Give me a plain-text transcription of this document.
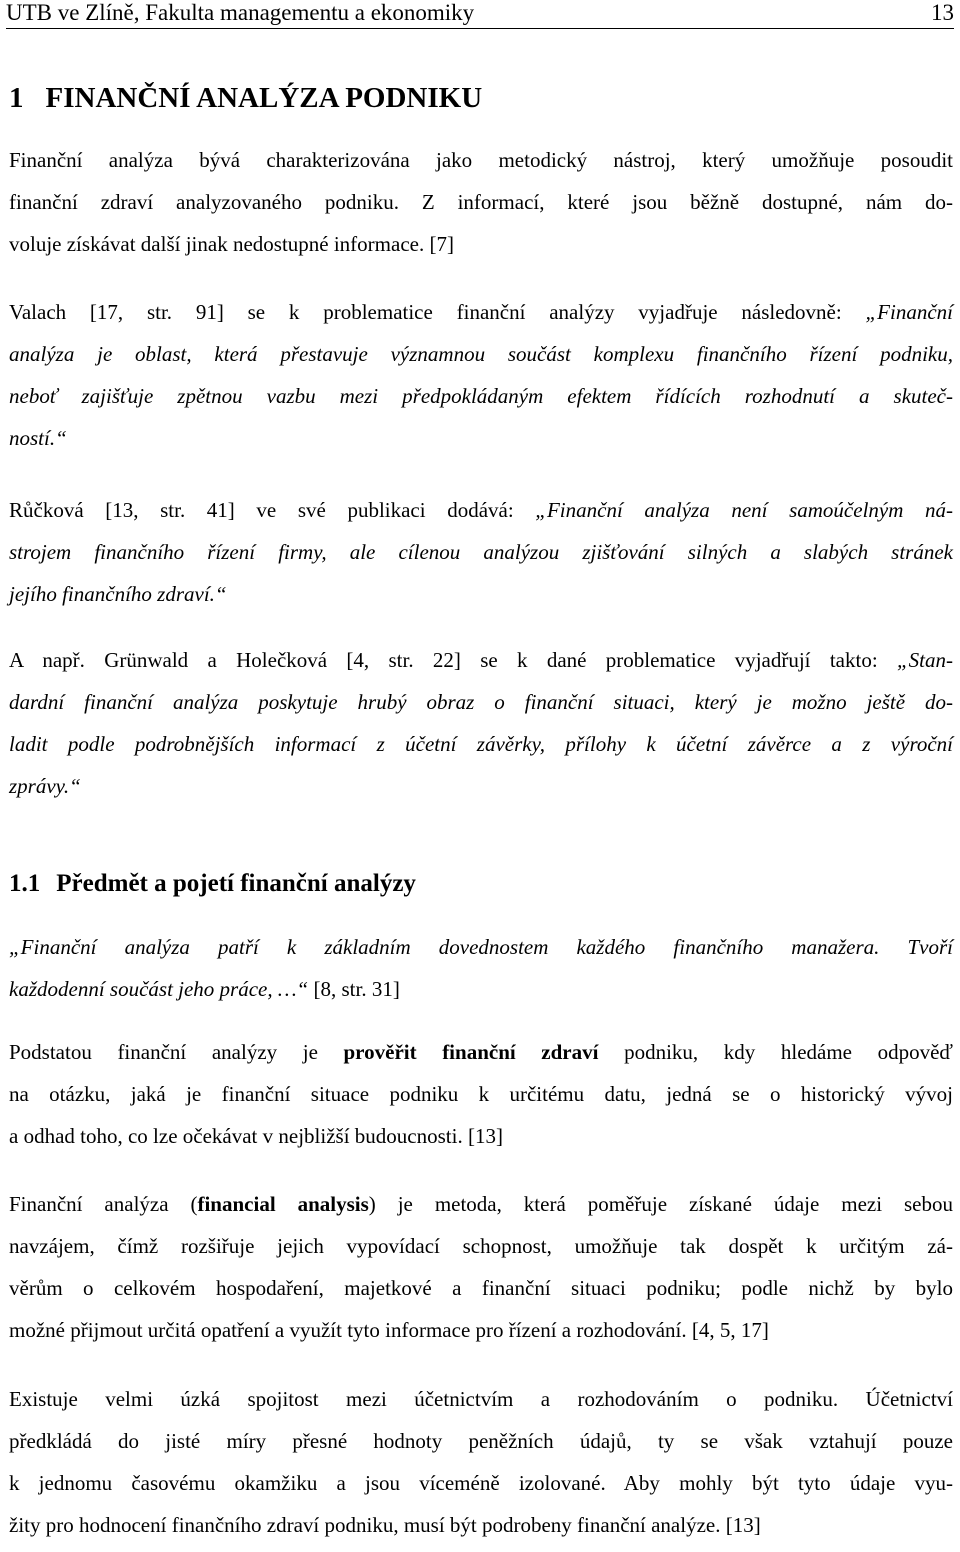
UTB ve Zlíně, Fakulta managementu a ekonomiky	13
1 FINANČNÍ ANALÝZA PODNIKU
Finanční analýza bývá charakterizována jako metodický nástroj, který umožňuje posoudit
finanční zdraví analyzovaného podniku. Z informací, které jsou běžně dostupné, nám do-
voluje získávat další jinak nedostupné informace. [7]
Valach [17, str. 91] se k problematice finanční analýzy vyjadřuje následovně: „Finanční
analýza je oblast, která přestavuje významnou součást komplexu finančního řízení podniku,
neboť zajišťuje zpětnou vazbu mezi předpokládaným efektem řídících rozhodnutí a skuteč-
ností.“
Růčková [13, str. 41] ve své publikaci dodává: „Finanční analýza není samoúčelným ná-
strojem finančního řízení firmy, ale cílenou analýzou zjišťování silných a slabých stránek
jejího finančního zdraví.“
A např. Grünwald a Holečková [4, str. 22] se k dané problematice vyjadřují takto: „Stan-
dardní finanční analýza poskytuje hrubý obraz o finanční situaci, který je možno ještě do-
ladit podle podrobnějších informací z účetní závěrky, přílohy k účetní závěrce a z výroční
zprávy.“
1.1 Předmět a pojetí finanční analýzy
„Finanční analýza patří k základním dovednostem každého finančního manažera. Tvoří
každodenní součást jeho práce, …“ [8, str. 31]
Podstatou finanční analýzy je prověřit finanční zdraví podniku, kdy hledáme odpověď
na otázku, jaká je finanční situace podniku k určitému datu, jedná se o historický vývoj
a odhad toho, co lze očekávat v nejbližší budoucnosti. [13]
Finanční analýza (financial analysis) je metoda, která poměřuje získané údaje mezi sebou
navzájem, čímž rozšiřuje jejich vypovídací schopnost, umožňuje tak dospět k určitým zá-
věrům o celkovém hospodaření, majetkové a finanční situaci podniku; podle nichž by bylo
možné přijmout určitá opatření a využít tyto informace pro řízení a rozhodování. [4, 5, 17]
Existuje velmi úzká spojitost mezi účetnictvím a rozhodováním o podniku. Účetnictví
předkládá do jisté míry přesné hodnoty peněžních údajů, ty se však vztahují pouze
k jednomu časovému okamžiku a jsou víceméně izolované. Aby mohly být tyto údaje vyu-
žity pro hodnocení finančního zdraví podniku, musí být podrobeny finanční analýze. [13]
